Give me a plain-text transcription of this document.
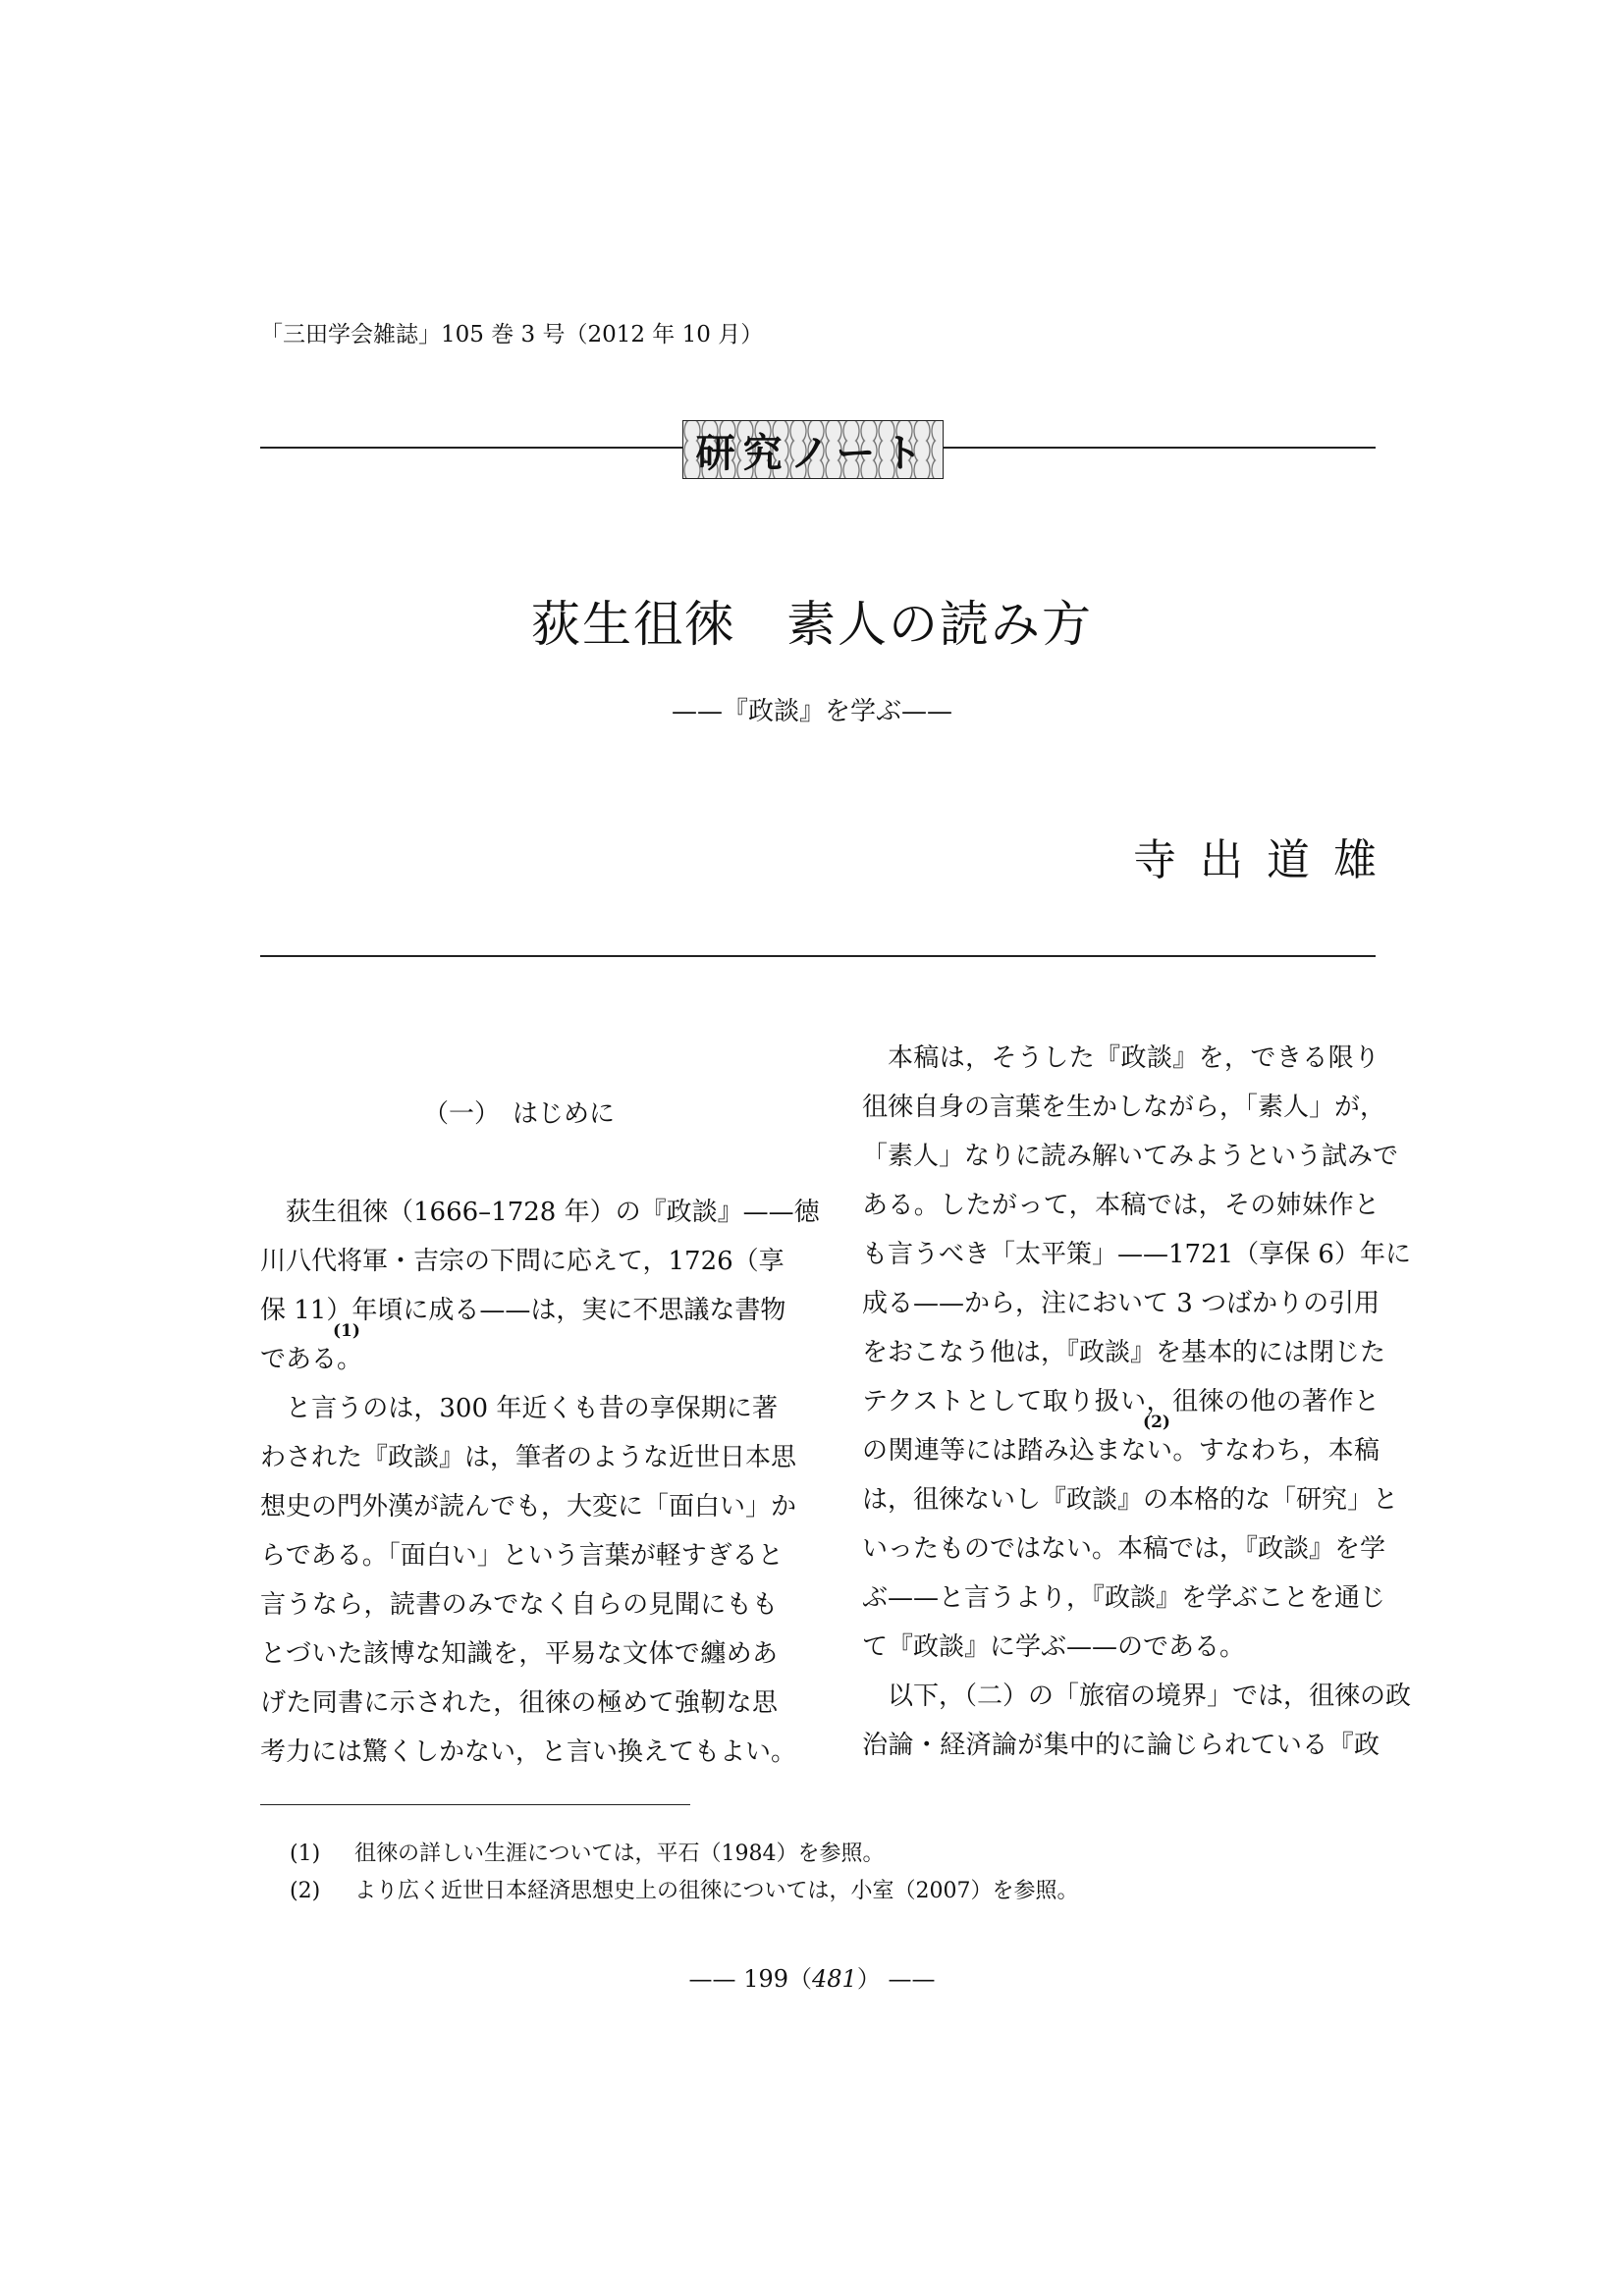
「三田学会雑誌」105 巻 3 号（2012 年 10 月）
研究ノート
荻生徂徠　素人の読み方
——『政談』を学ぶ——
寺出道雄
（一）　はじめに
荻生徂徠（1666–1728 年）の『政談』——徳
川八代将軍・吉宗の下問に応えて，1726（享
保 11）年頃に成る——は，実に不思議な書物
である
(1)
。
と言うのは，300 年近くも昔の享保期に著
わされた『政談』は，筆者のような近世日本思
想史の門外漢が読んでも，大変に「面白い」か
らである。「面白い」という言葉が軽すぎると
言うなら，読書のみでなく自らの見聞にもも
とづいた該博な知識を，平易な文体で纏めあ
げた同書に示された，徂徠の極めて強靭な思
考力には驚くしかない，と言い換えてもよい。
本稿は，そうした『政談』を，できる限り
徂徠自身の言葉を生かしながら，「素人」が，
「素人」なりに読み解いてみようという試みで
ある。したがって，本稿では，その姉妹作と
も言うべき「太平策」——1721（享保 6）年に
成る——から，注において 3 つばかりの引用
をおこなう他は，『政談』を基本的には閉じた
テクストとして取り扱い，徂徠の他の著作と
の関連等には踏み込まな
(2)
い。すなわち，本稿
は，徂徠ないし『政談』の本格的な「研究」と
いったものではない。本稿では，『政談』を学
ぶ——と言うより，『政談』を学ぶことを通じ
て『政談』に学ぶ——のである。
以下，（二）の「旅宿の境界」では，徂徠の政
治論・経済論が集中的に論じられている『政
(1) 徂徠の詳しい生涯については，平石（1984）を参照。
(2) より広く近世日本経済思想史上の徂徠については，小室（2007）を参照。
—— 199（481） ——
